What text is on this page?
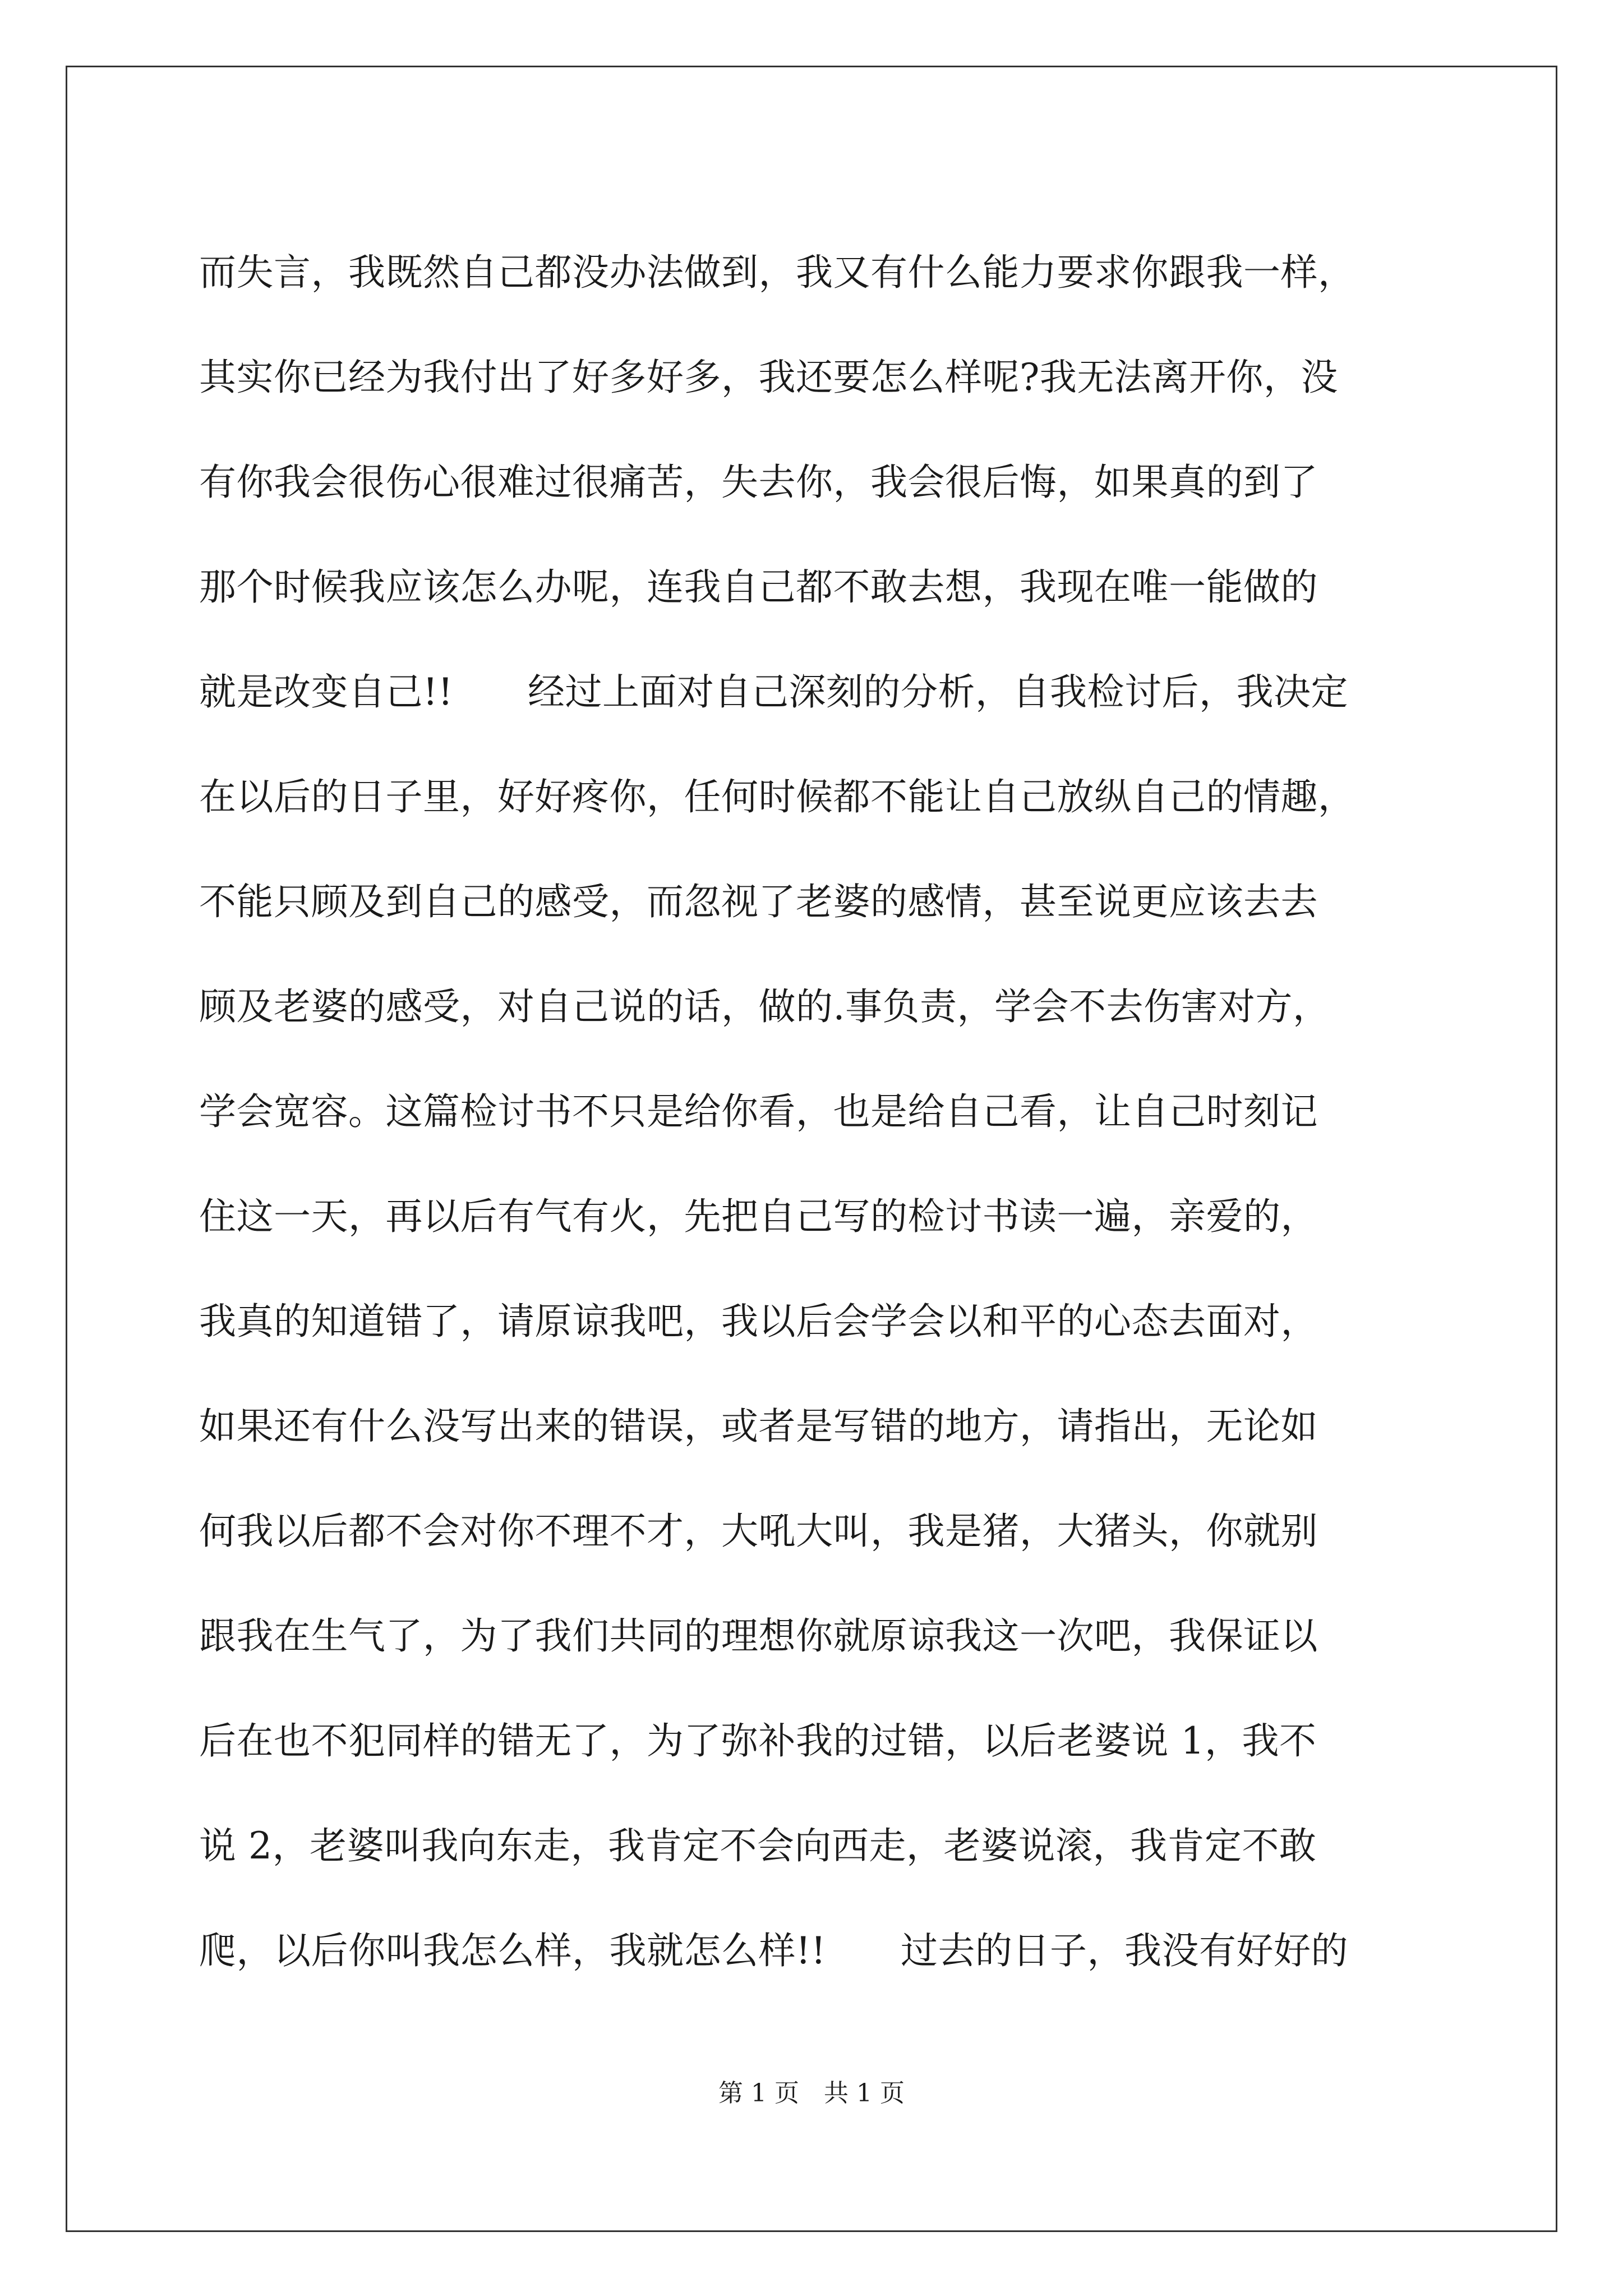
而失言，我既然自己都没办法做到，我又有什么能力要求你跟我一样，
其实你已经为我付出了好多好多，我还要怎么样呢?我无法离开你，没
有你我会很伤心很难过很痛苦，失去你，我会很后悔，如果真的到了
那个时候我应该怎么办呢，连我自己都不敢去想，我现在唯一能做的
就是改变自己!!　　经过上面对自己深刻的分析，自我检讨后，我决定
在以后的日子里，好好疼你，任何时候都不能让自己放纵自己的情趣，
不能只顾及到自己的感受，而忽视了老婆的感情，甚至说更应该去去
顾及老婆的感受，对自己说的话，做的.事负责，学会不去伤害对方，
学会宽容。这篇检讨书不只是给你看，也是给自己看，让自己时刻记
住这一天，再以后有气有火，先把自己写的检讨书读一遍，亲爱的，
我真的知道错了，请原谅我吧，我以后会学会以和平的心态去面对，
如果还有什么没写出来的错误，或者是写错的地方，请指出，无论如
何我以后都不会对你不理不才，大吼大叫，我是猪，大猪头，你就别
跟我在生气了，为了我们共同的理想你就原谅我这一次吧，我保证以
后在也不犯同样的错无了，为了弥补我的过错，以后老婆说 1，我不
说 2，老婆叫我向东走，我肯定不会向西走，老婆说滚，我肯定不敢
爬，以后你叫我怎么样，我就怎么样!!　　过去的日子，我没有好好的
第 1 页　共 1 页
